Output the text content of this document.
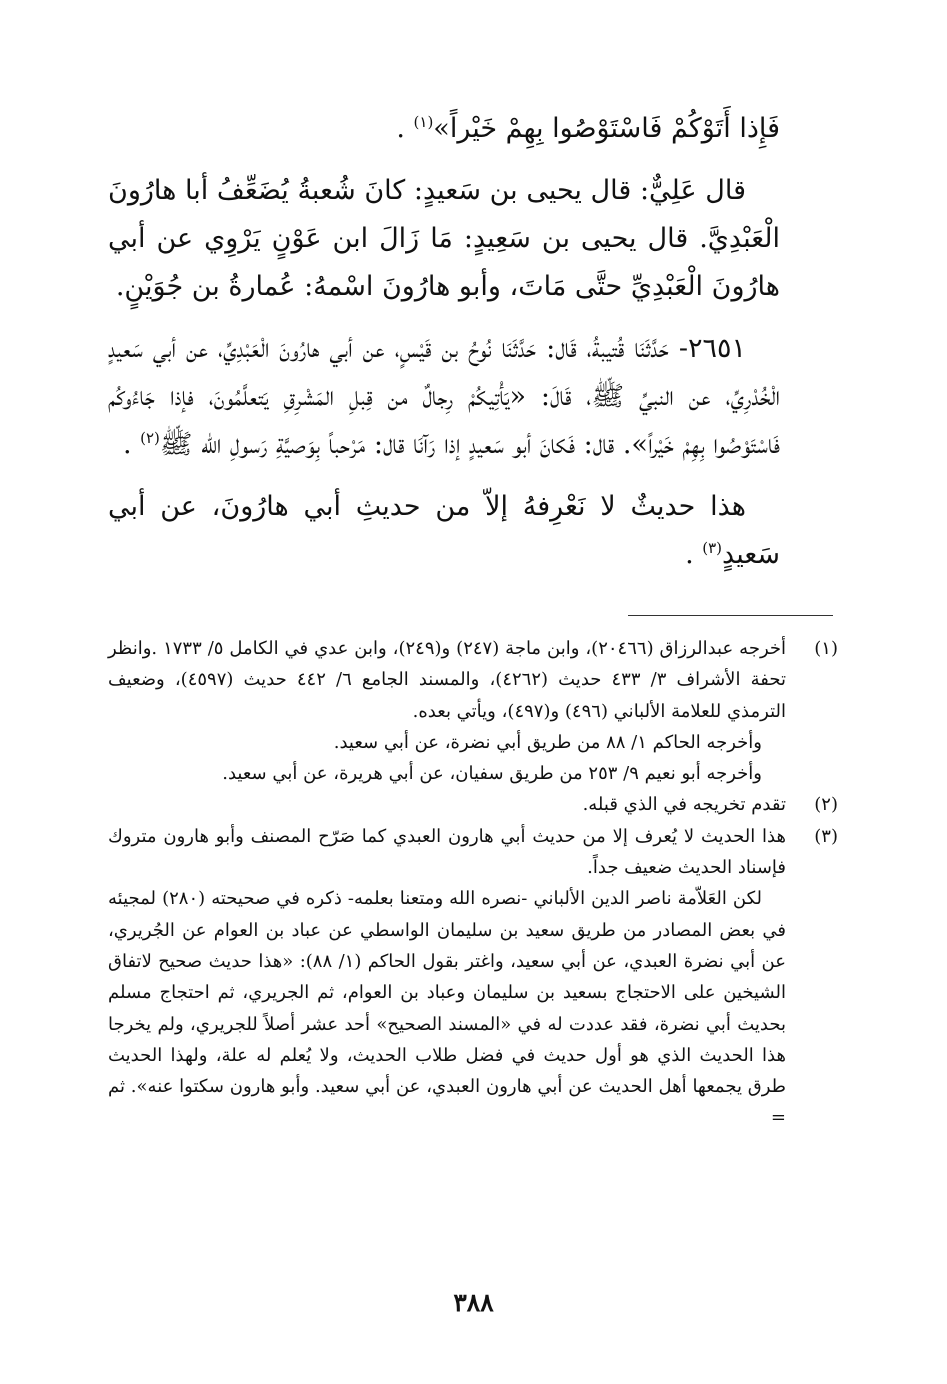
فَإِذا أَتَوْكُمْ فَاسْتَوْصُوا بِهِمْ خَيْراً»$^{(١)}$ .

قال عَلِيٌّ: قال يحيى بن سَعيدٍ: كانَ شُعبةُ يُضَعِّفُ أبا هارُونَ الْعَبْدِيَّ. قال يحيى بن سَعِيدٍ: مَا زَالَ ابن عَوْنٍ يَرْوِي عن أبي هارُونَ الْعَبْدِيِّ حتَّى مَاتَ، وأبو هارُونَ اسْمهُ: عُمارةُ بن جُوَيْنٍ.

٢٦٥١- حَدَّثَنَا قُتيبةُ، قَال: حَدَّثَنَا نُوحُ بن قَيْسٍ، عن أبي هارُونَ الْعَبْدِيِّ، عن أبي سَعيدٍ الْخُدْرِيِّ، عن النبيِّ ﷺ، قَالَ: «يَأْتِيكُمْ رِجالٌ من قِبلِ المَشْرِقِ يَتعلَّمُونَ، فإذا جَاءُوكُم فَاسْتَوْصُوا بِهِمْ خَيْراً». قال: فَكانَ أبو سَعيدٍ إذا رَآنَا قال: مَرْحباً بِوَصيَّةِ رَسولِ الله ﷺ$^{(٢)}$ .

هذا حديثٌ لا نَعْرِفهُ إلاّ من حديثِ أبي هارُونَ، عن أبي سَعيدٍ$^{(٣)}$ .

(١)

أخرجه عبدالرزاق (٢٠٤٦٦)، وابن ماجة (٢٤٧) و(٢٤٩)، وابن عدي في الكامل ٥/ ١٧٣٣ .وانظر تحفة الأشراف ٣/ ٤٣٣ حديث (٤٢٦٢)، والمسند الجامع ٦/ ٤٤٢ حديث (٤٥٩٧)، وضعيف الترمذي للعلامة الألباني (٤٩٦) و(٤٩٧)، ويأتي بعده.

وأخرجه الحاكم ١/ ٨٨ من طريق أبي نضرة، عن أبي سعيد.

وأخرجه أبو نعيم ٩/ ٢٥٣ من طريق سفيان، عن أبي هريرة، عن أبي سعيد.

(٢)

تقدم تخريجه في الذي قبله.

(٣)

هذا الحديث لا يُعرف إلا من حديث أبي هارون العبدي كما صَرّح المصنف وأبو هارون متروك فإسناد الحديث ضعيف جداً.

لكن العَلاّمة ناصر الدين الألباني -نصره الله ومتعنا بعلمه- ذكره في صحيحته (٢٨٠) لمجيئه في بعض المصادر من طريق سعيد بن سليمان الواسطي عن عباد بن العوام عن الجُريري، عن أبي نضرة العبدي، عن أبي سعيد، واغتر بقول الحاكم (١/ ٨٨): «هذا حديث صحيح لاتفاق الشيخين على الاحتجاج بسعيد بن سليمان وعباد بن العوام، ثم الجريري، ثم احتجاج مسلم بحديث أبي نضرة، فقد عددت له في «المسند الصحيح» أحد عشر أصلاً للجريري، ولم يخرجا هذا الحديث الذي هو أول حديث في فضل طلاب الحديث، ولا يُعلم له علة، ولهذا الحديث طرق يجمعها أهل الحديث عن أبي هارون العبدي، عن أبي سعيد. وأبو هارون سكتوا عنه». ثم =

٣٨٨
